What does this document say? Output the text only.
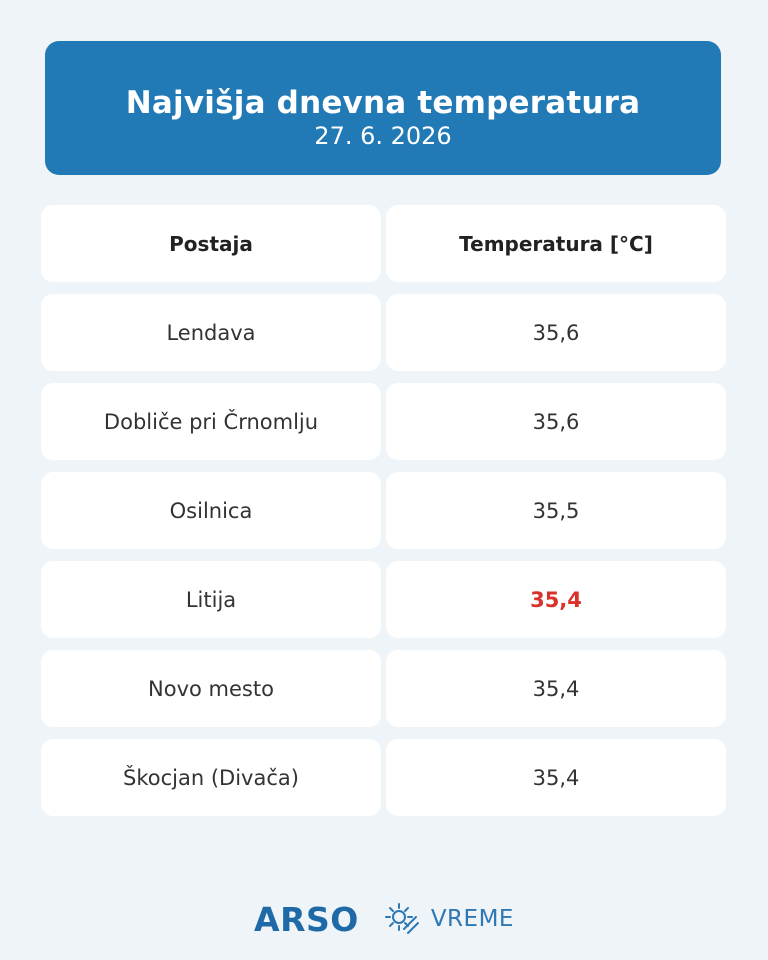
Najvišja dnevna temperatura
27. 6. 2026
Postaja	Temperatura [°C]
Lendava	35,6
Dobliče pri Črnomlju	35,6
Osilnica	35,5
Litija	35,4
Novo mesto	35,4
Škocjan (Divača)	35,4
ARSO	VREME
